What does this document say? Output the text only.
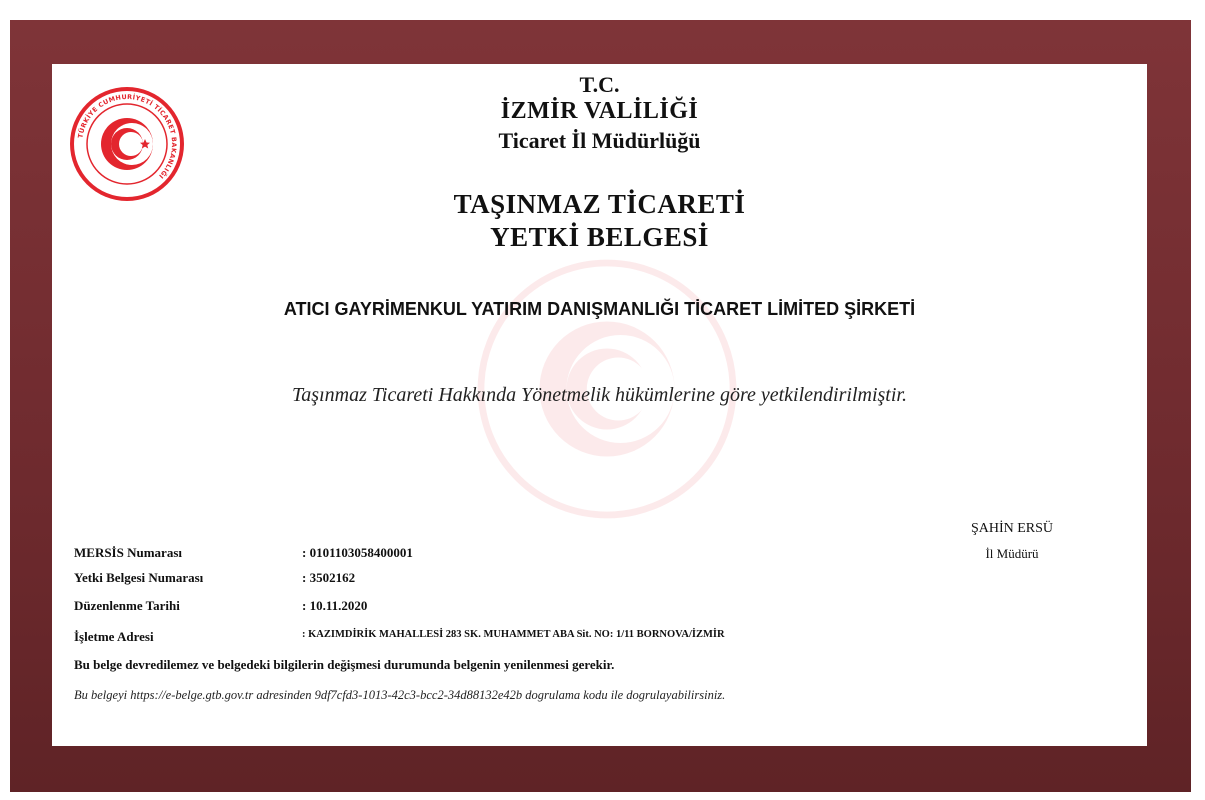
TÜRKİYE CUMHURİYETİ TİCARET BAKANLIĞI
T.C.
İZMİR VALİLİĞİ
Ticaret İl Müdürlüğü
TAŞINMAZ TİCARETİ
YETKİ BELGESİ
ATICI GAYRİMENKUL YATIRIM DANIŞMANLIĞI TİCARET LİMİTED ŞİRKETİ
Taşınmaz Ticareti Hakkında Yönetmelik hükümlerine göre yetkilendirilmiştir.
ŞAHİN ERSÜ
İl Müdürü
MERSİS Numarası	: 0101103058400001
Yetki Belgesi Numarası	: 3502162
Düzenlenme Tarihi	: 10.11.2020
İşletme Adresi	: KAZIMDİRİK MAHALLESİ 283 SK. MUHAMMET ABA Sit. NO: 1/11 BORNOVA/İZMİR
Bu belge devredilemez ve belgedeki bilgilerin değişmesi durumunda belgenin yenilenmesi gerekir.
Bu belgeyi https://e-belge.gtb.gov.tr adresinden 9df7cfd3-1013-42c3-bcc2-34d88132e42b dogrulama kodu ile dogrulayabilirsiniz.
